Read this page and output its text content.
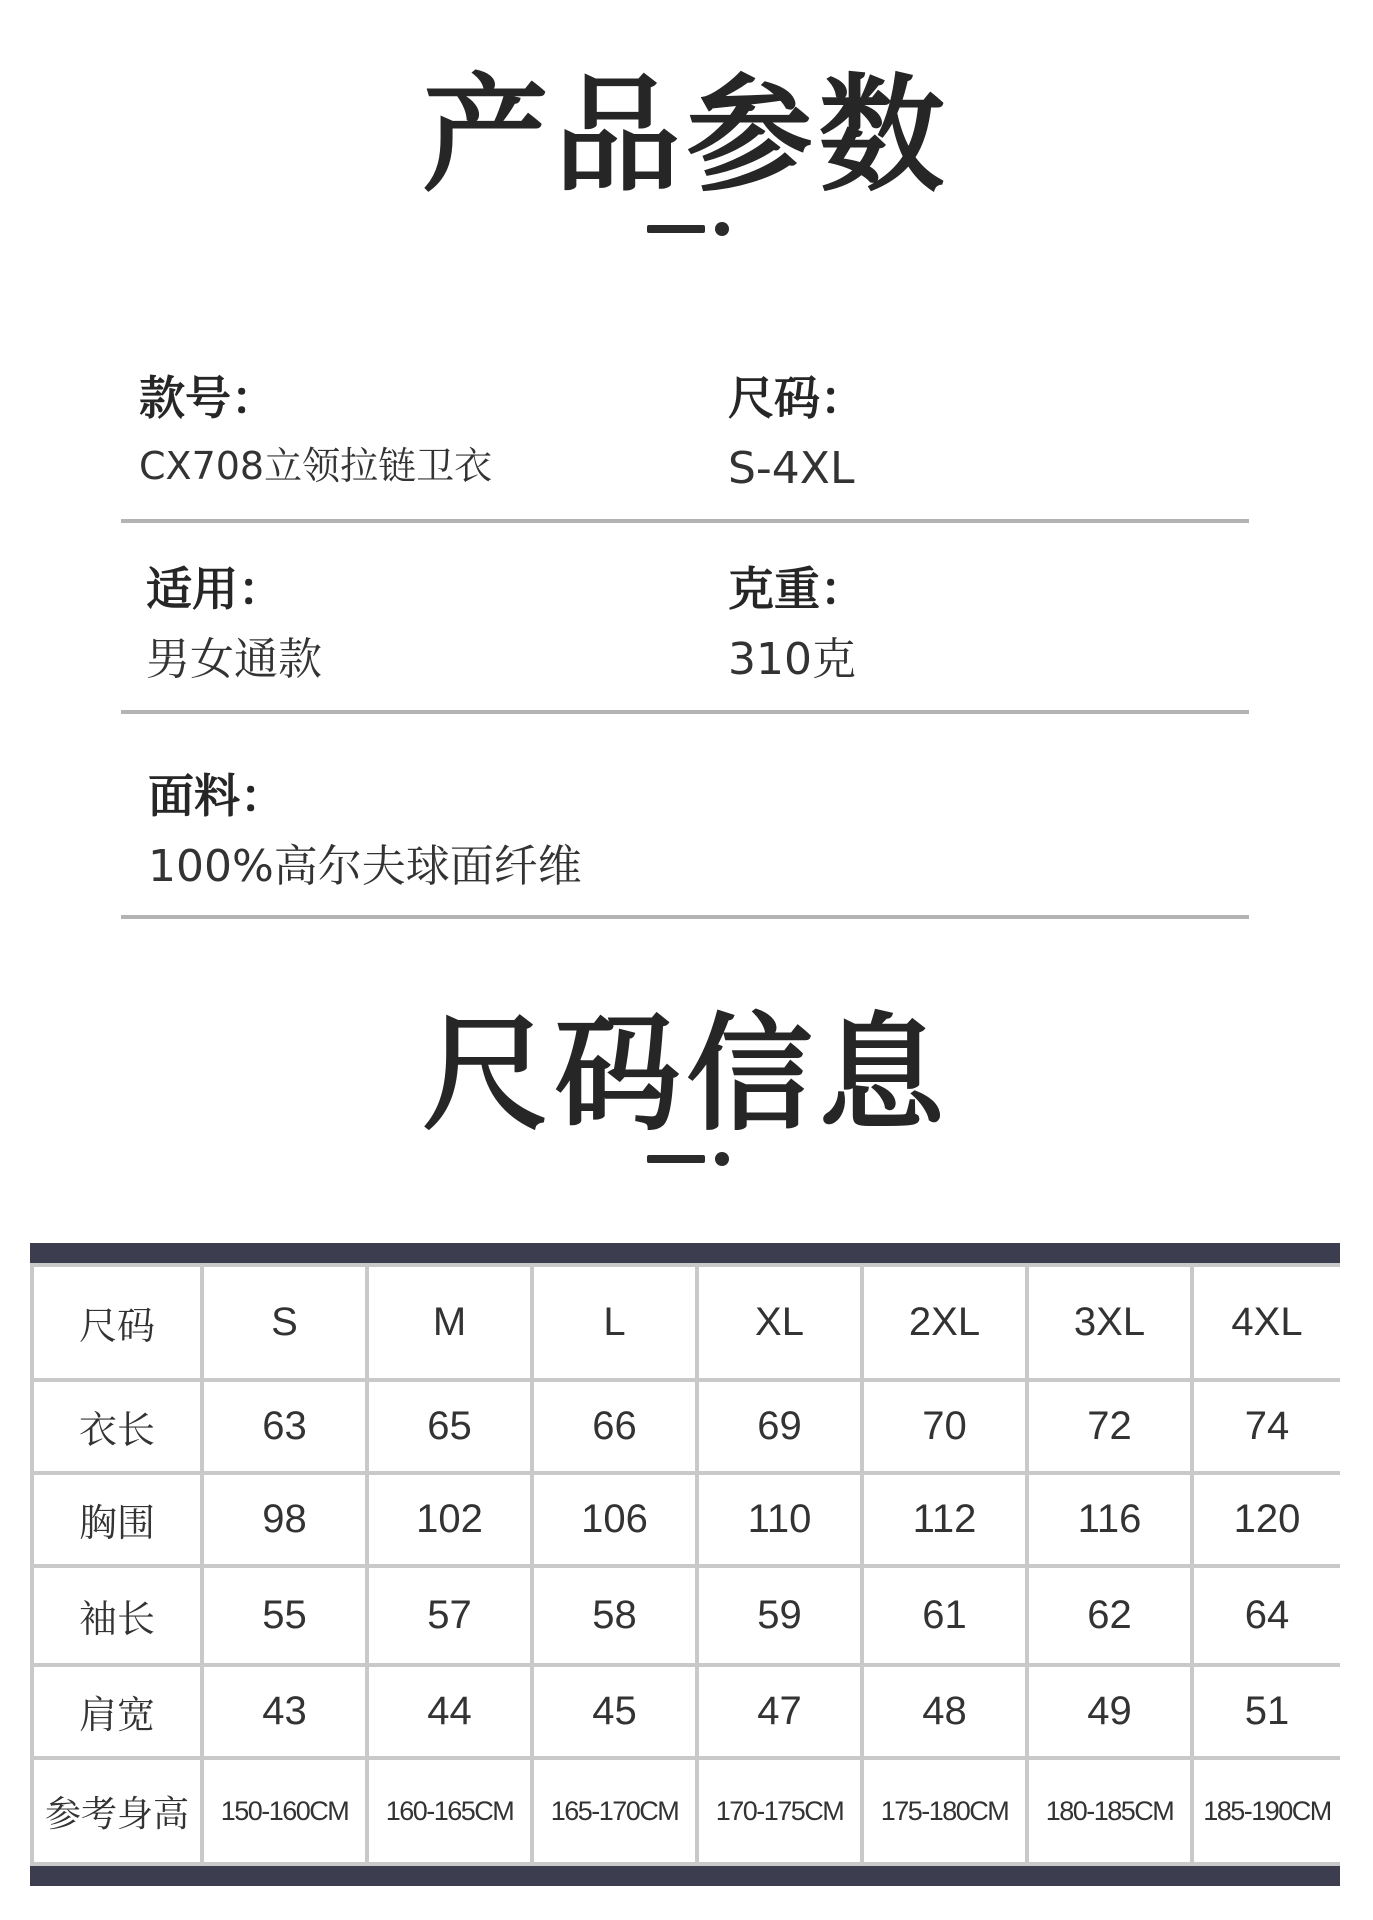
产品参数
款号：
CX708立领拉链卫衣
尺码：
S-4XL
适用：
男女通款
克重：
310克
面料：
100%高尔夫球面纤维
尺码信息
尺码	S	M	L	XL	2XL	3XL	4XL
衣长	63	65	66	69	70	72	74
胸围	98	102	106	110	112	116	120
袖长	55	57	58	59	61	62	64
肩宽	43	44	45	47	48	49	51
参考身高	150-160CM	160-165CM	165-170CM	170-175CM	175-180CM	180-185CM	185-190CM
